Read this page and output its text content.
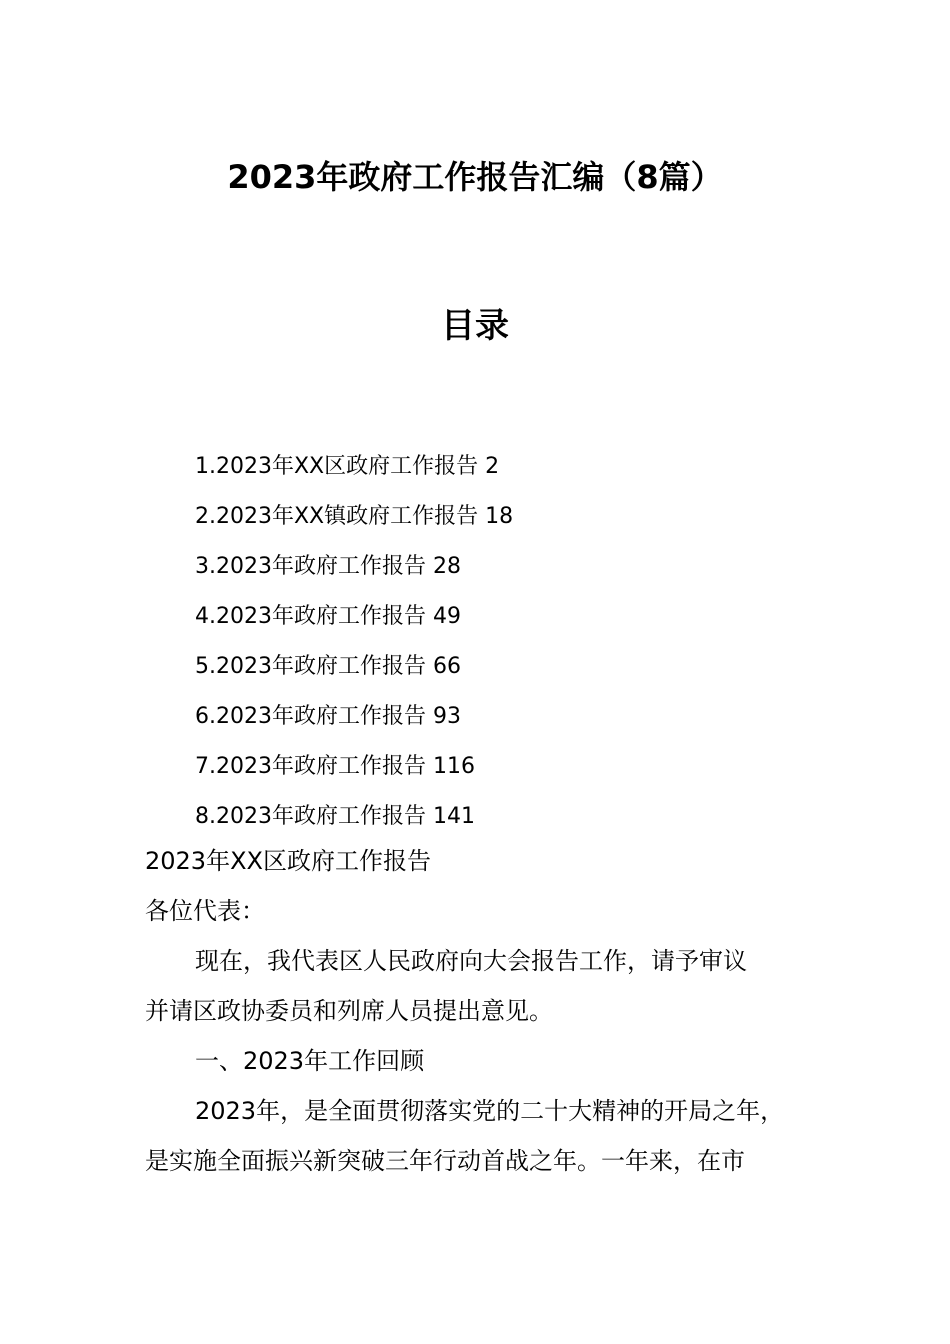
2023年政府工作报告汇编（8篇）
目录
1.2023年XX区政府工作报告 2
2.2023年XX镇政府工作报告 18
3.2023年政府工作报告 28
4.2023年政府工作报告 49
5.2023年政府工作报告 66
6.2023年政府工作报告 93
7.2023年政府工作报告 116
8.2023年政府工作报告 141
2023年XX区政府工作报告
各位代表：
现在，我代表区人民政府向大会报告工作，请予审议
并请区政协委员和列席人员提出意见。
一、2023年工作回顾
2023年，是全面贯彻落实党的二十大精神的开局之年，
是实施全面振兴新突破三年行动首战之年。一年来，在市
